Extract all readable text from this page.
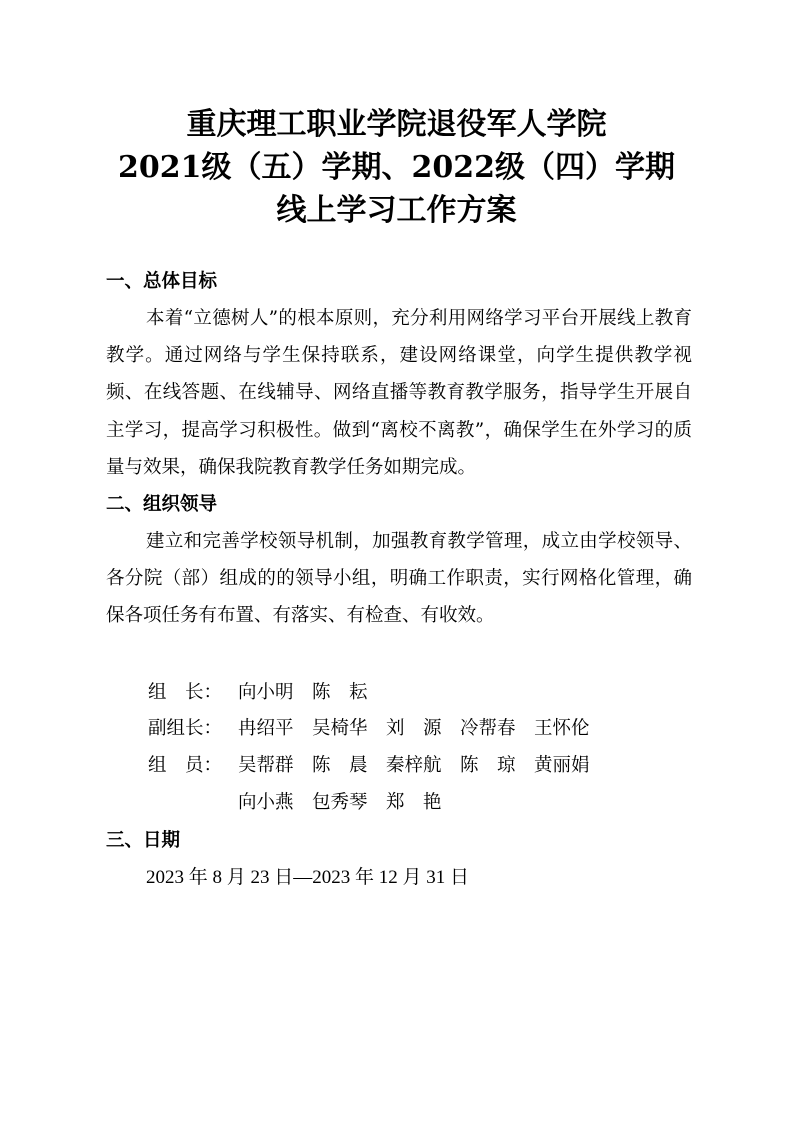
重庆理工职业学院退役军人学院
2021级（五）学期、2022级（四）学期
线上学习工作方案
一、总体目标

本着“立德树人”的根本原则，充分利用网络学习平台开展线上教育教学。通过网络与学生保持联系，建设网络课堂，向学生提供教学视频、在线答题、在线辅导、网络直播等教育教学服务，指导学生开展自主学习，提高学习积极性。做到“离校不离教”，确保学生在外学习的质量与效果，确保我院教育教学任务如期完成。

二、组织领导

建立和完善学校领导机制，加强教育教学管理，成立由学校领导、各分院（部）组成的的领导小组，明确工作职责，实行网格化管理，确保各项任务有布置、有落实、有检查、有收效。

组　长： 向小明　陈　耘
副组长： 冉绍平　吴椅华　刘　源　冷帮春　王怀伦
组　员： 吴帮群　陈　晨　秦梓航　陈　琼　黄丽娟
向小燕　包秀琴　郑　艳
三、日期
2023 年 8 月 23 日—2023 年 12 月 31 日
